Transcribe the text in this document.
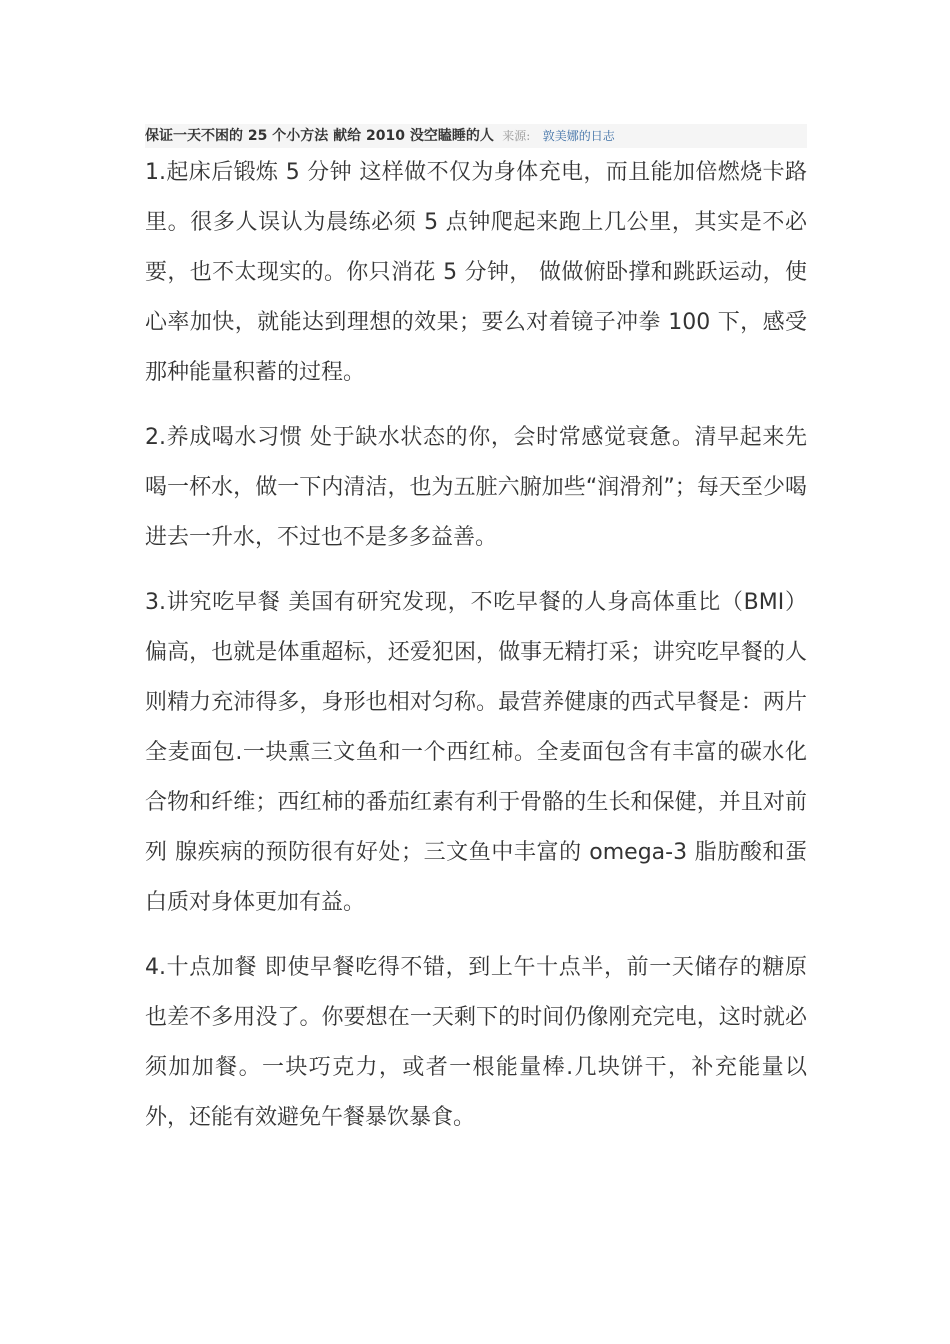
保证一天不困的 25 个小方法 献给 2010 没空瞌睡的人 来源: 敦美娜的日志

1.起床后锻炼 5 分钟 这样做不仅为身体充电，而且能加倍燃烧卡路里。很多人误认为晨练必须 5 点钟爬起来跑上几公里，其实是不必要，也不太现实的。你只消花 5 分钟， 做做俯卧撑和跳跃运动，使心率加快，就能达到理想的效果；要么对着镜子冲拳 100 下，感受那种能量积蓄的过程。

2.养成喝水习惯 处于缺水状态的你，会时常感觉衰惫。清早起来先喝一杯水，做一下内清洁，也为五脏六腑加些“润滑剂”；每天至少喝进去一升水，不过也不是多多益善。

3.讲究吃早餐 美国有研究发现，不吃早餐的人身高体重比（BMI）偏高，也就是体重超标，还爱犯困，做事无精打采；讲究吃早餐的人则精力充沛得多，身形也相对匀称。最营养健康的西式早餐是：两片全麦面包.一块熏三文鱼和一个西红柿。全麦面包含有丰富的碳水化合物和纤维；西红柿的番茄红素有利于骨骼的生长和保健，并且对前列 腺疾病的预防很有好处；三文鱼中丰富的 omega-3 脂肪酸和蛋白质对身体更加有益。

4.十点加餐 即使早餐吃得不错，到上午十点半，前一天储存的糖原也差不多用没了。你要想在一天剩下的时间仍像刚充完电，这时就必须加加餐。一块巧克力，或者一根能量棒.几块饼干，补充能量以外，还能有效避免午餐暴饮暴食。
